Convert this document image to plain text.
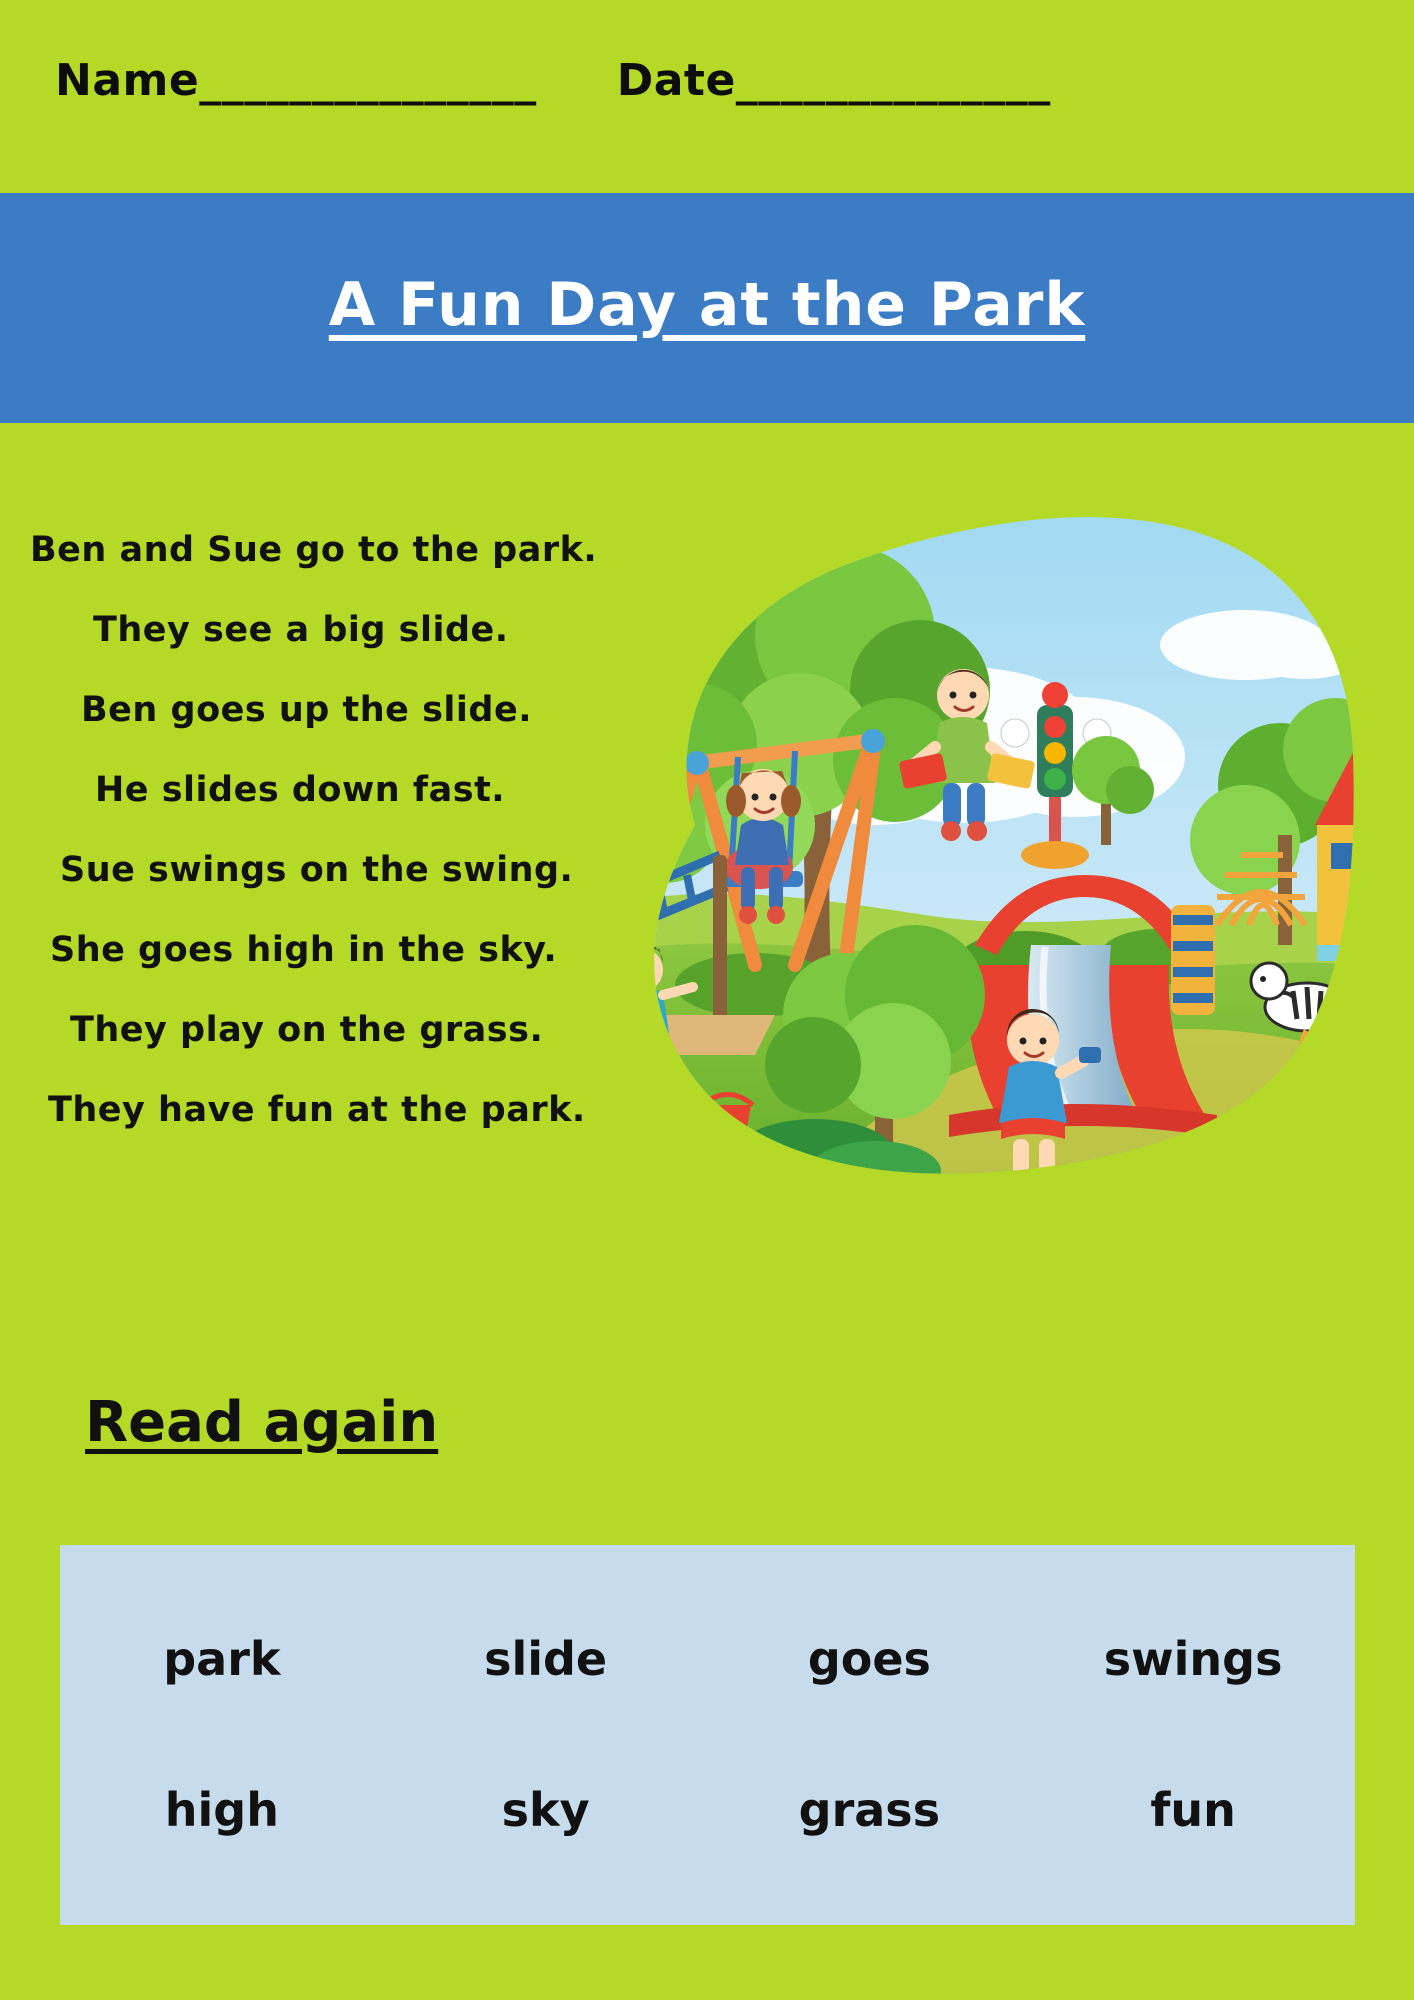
Name_______________ Date______________
A Fun Day at the Park
Ben and Sue go to the park.
They see a big slide.
Ben goes up the slide.
He slides down fast.
Sue swings on the swing.
She goes high in the sky.
They play on the grass.
They have fun at the park.
Read again
park	slide	goes	swings
high	sky	grass	fun
